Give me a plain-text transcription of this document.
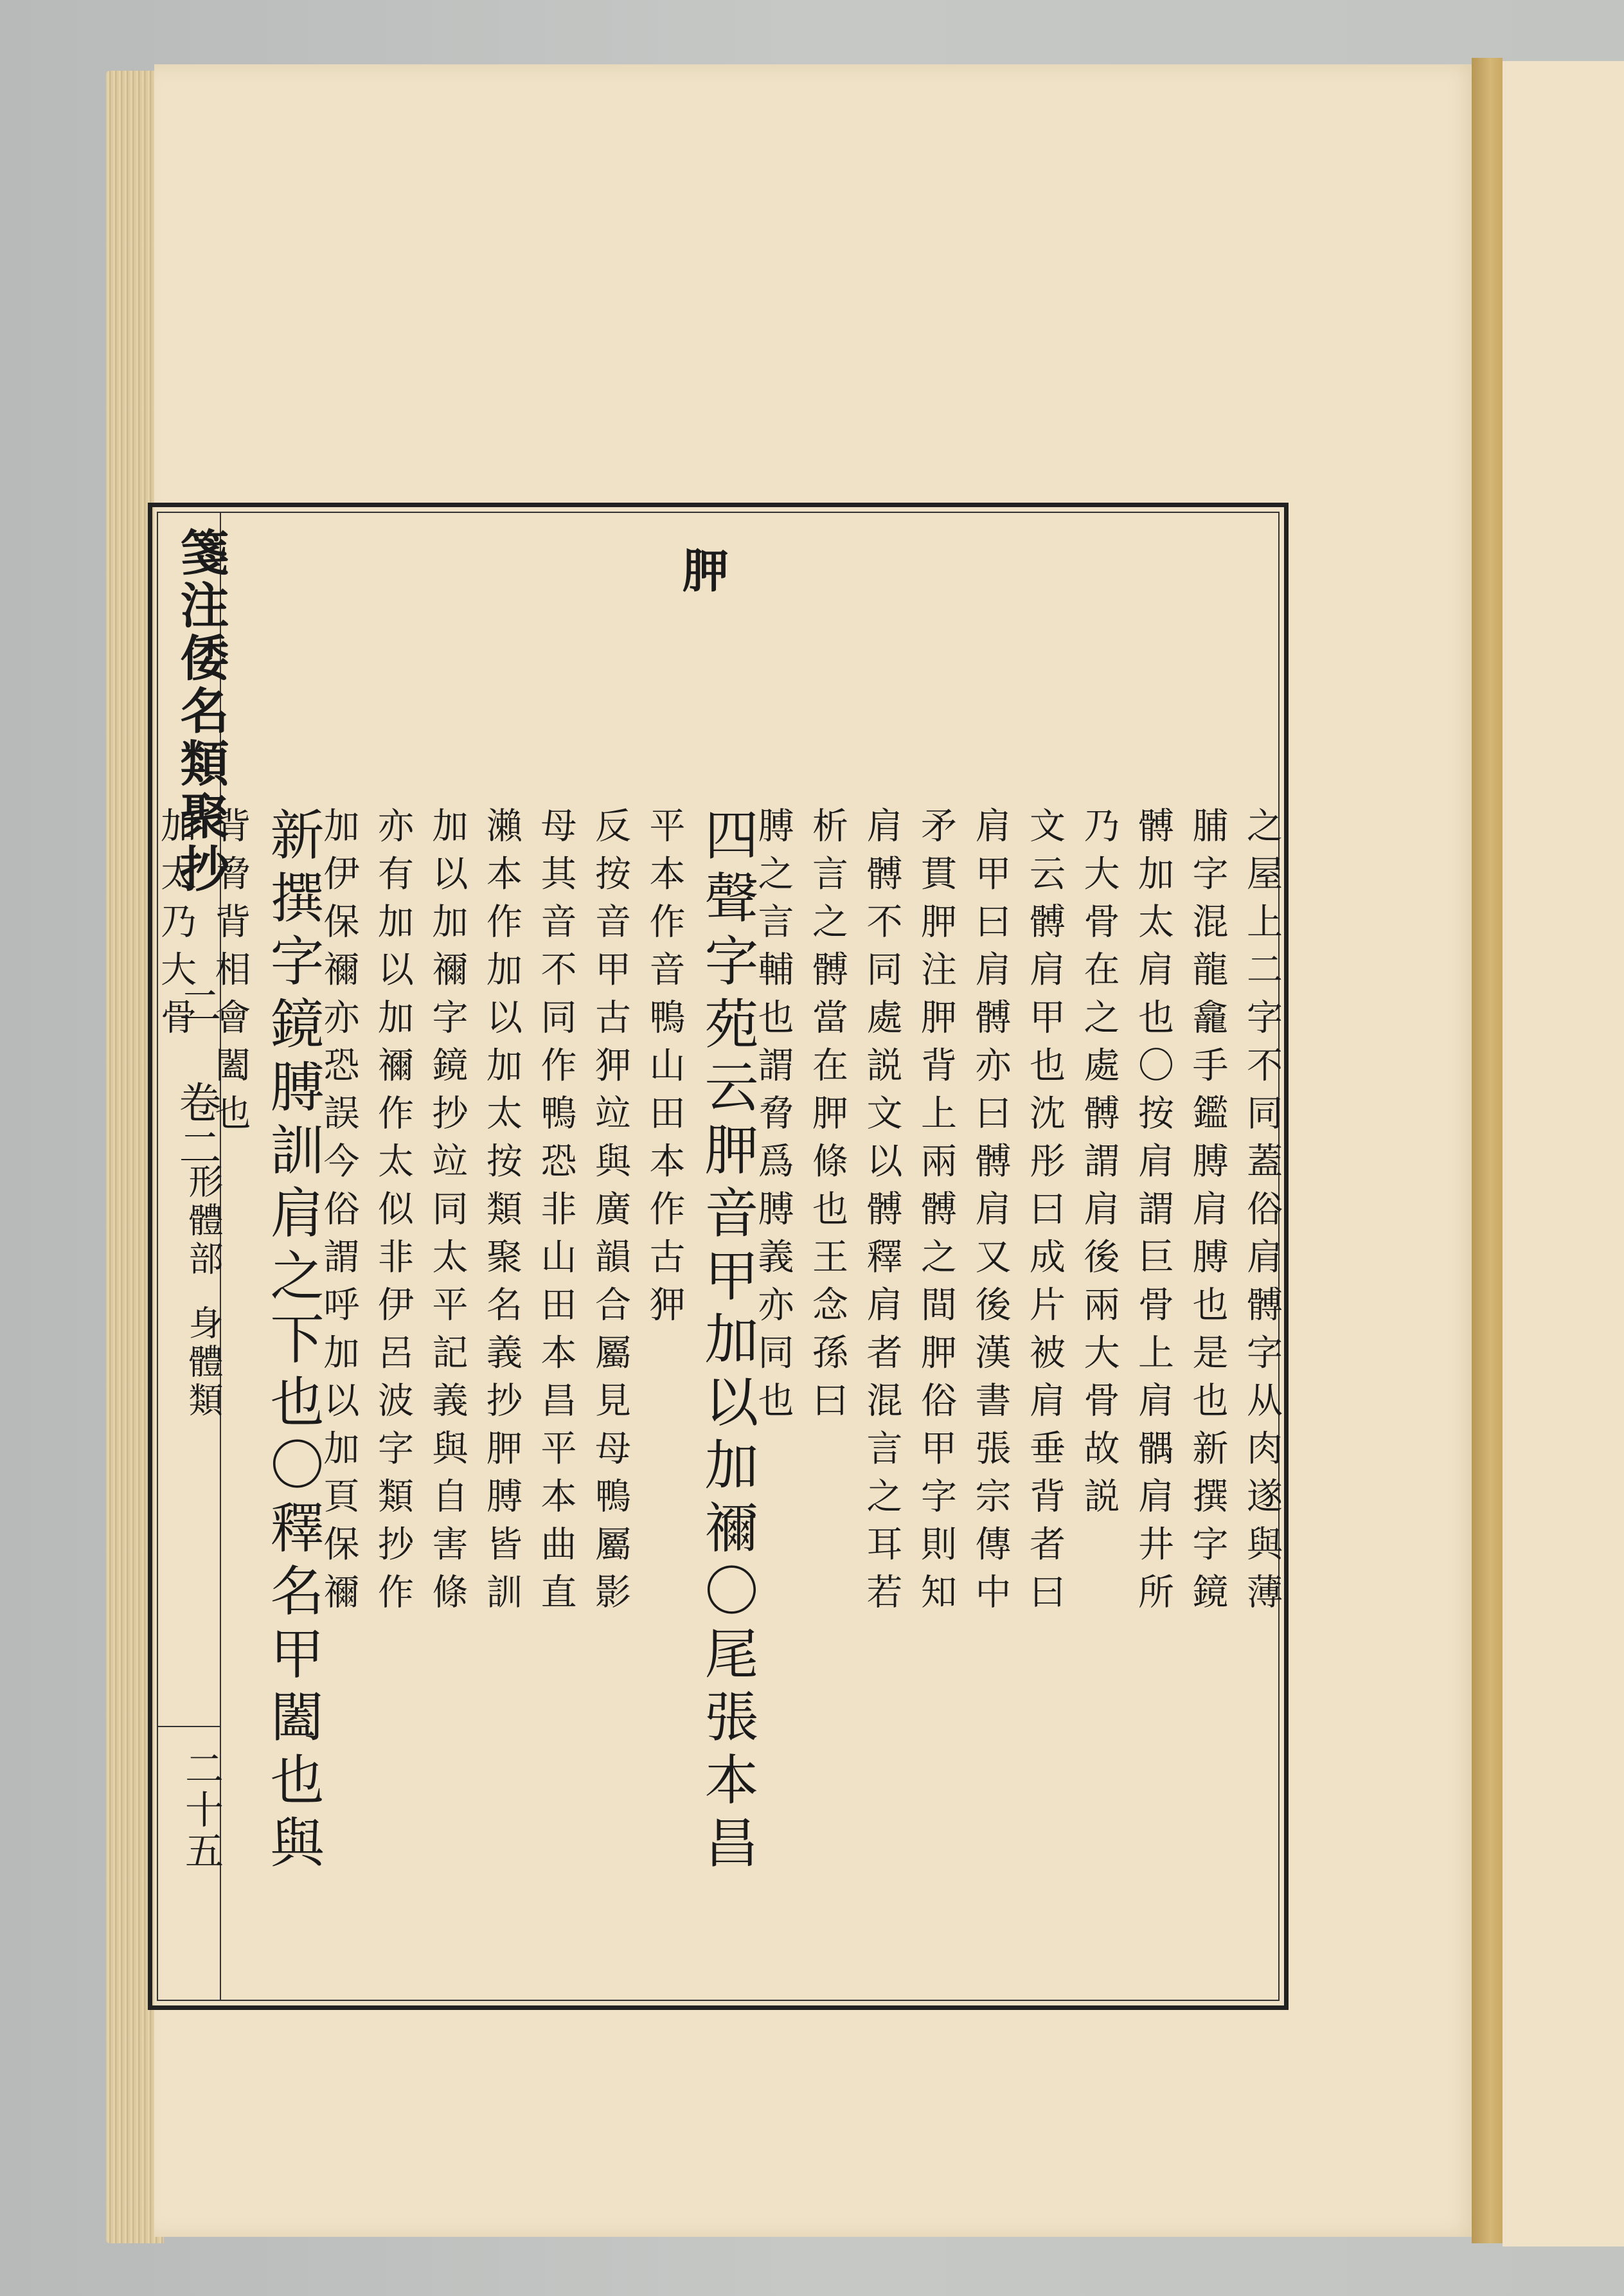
箋注倭名類聚抄
二 卷二
形體部
身體類
二十五
胛
之屋上二字不同蓋俗肩髆字从肉遂與薄
脯字混龍龕手鑑膊肩膊也是也新撰字鏡
髆加太肩也〇按肩謂巨骨上肩髃肩井所
乃大骨在之處髆謂肩後兩大骨故説
文云髆肩甲也沈彤曰成片被肩垂背者曰
肩甲曰肩髆亦曰髆肩又後漢書張宗傳中
矛貫胛注胛背上兩髆之間胛俗甲字則知
肩髆不同處説文以髆釋肩者混言之耳若
析言之髆當在胛條也王念孫曰
膊之言輔也謂脅爲膊義亦同也
四聲字苑云胛音甲加以加禰〇尾張本昌
平本作音鴨山田本作古狎
反按音甲古狎竝與廣韻合屬見母鴨屬影
母其音不同作鴨恐非山田本昌平本曲直
瀨本作加以加太按類聚名義抄胛膊皆訓
加以加禰字鏡抄竝同太平記義與自害條
亦有加以加禰作太似非伊呂波字類抄作
加伊保禰亦恐誤今俗謂呼加以加頁保禰
新撰字鏡膊訓肩之下也〇釋名甲闔也與
背脅背相會闔也
加太乃大骨
